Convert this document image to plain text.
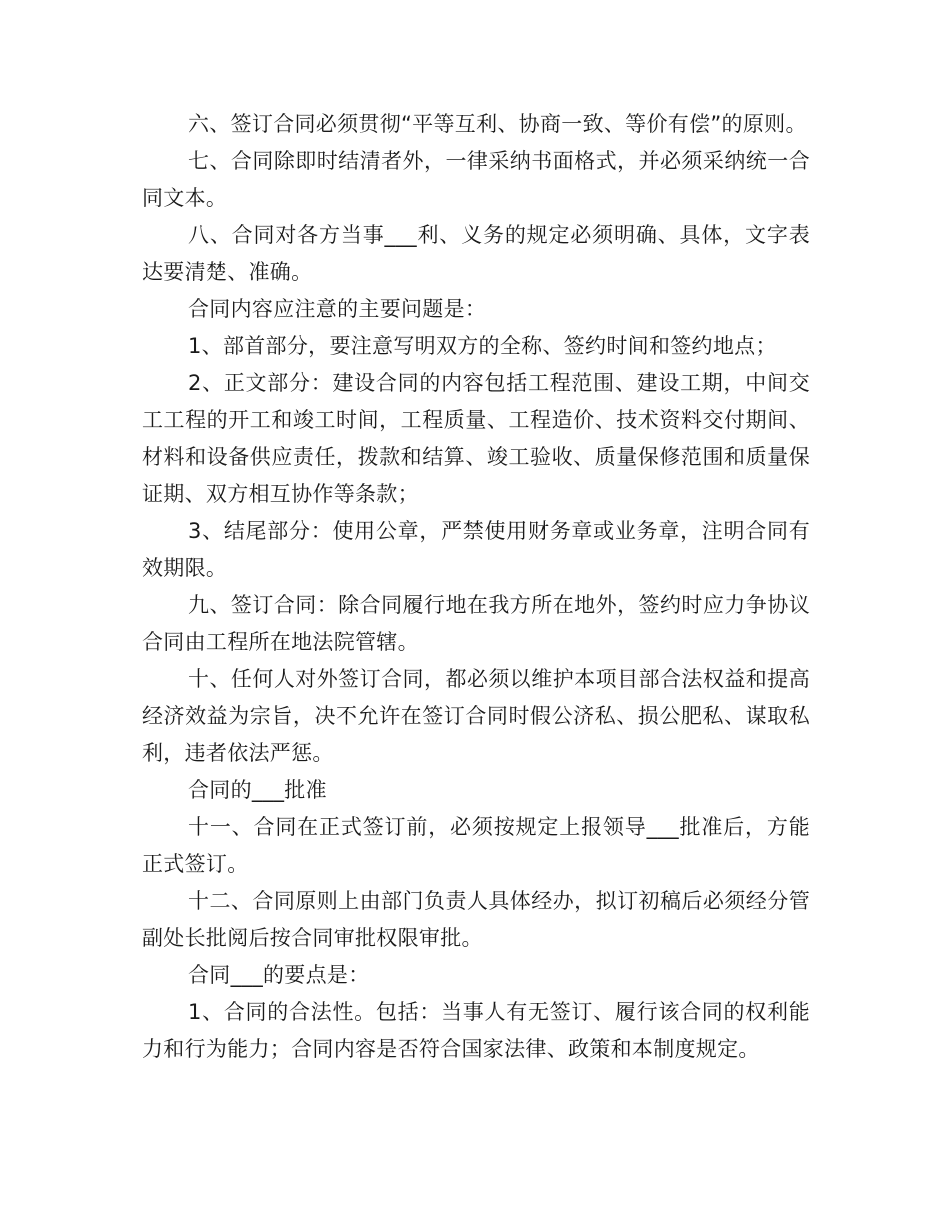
六、签订合同必须贯彻“平等互利、协商一致、等价有偿”的原则。

七、合同除即时结清者外，一律采纳书面格式，并必须采纳统一合同文本。

八、合同对各方当事___利、义务的规定必须明确、具体，文字表达要清楚、准确。

合同内容应注意的主要问题是：

1、部首部分，要注意写明双方的全称、签约时间和签约地点；

2、正文部分：建设合同的内容包括工程范围、建设工期，中间交工工程的开工和竣工时间，工程质量、工程造价、技术资料交付期间、材料和设备供应责任，拨款和结算、竣工验收、质量保修范围和质量保证期、双方相互协作等条款；

3、结尾部分：使用公章，严禁使用财务章或业务章，注明合同有效期限。

九、签订合同：除合同履行地在我方所在地外，签约时应力争协议合同由工程所在地法院管辖。

十、任何人对外签订合同，都必须以维护本项目部合法权益和提高经济效益为宗旨，决不允许在签订合同时假公济私、损公肥私、谋取私利，违者依法严惩。

合同的___批准

十一、合同在正式签订前，必须按规定上报领导___批准后，方能正式签订。

十二、合同原则上由部门负责人具体经办，拟订初稿后必须经分管副处长批阅后按合同审批权限审批。

合同___的要点是：

1、合同的合法性。包括：当事人有无签订、履行该合同的权利能力和行为能力；合同内容是否符合国家法律、政策和本制度规定。
